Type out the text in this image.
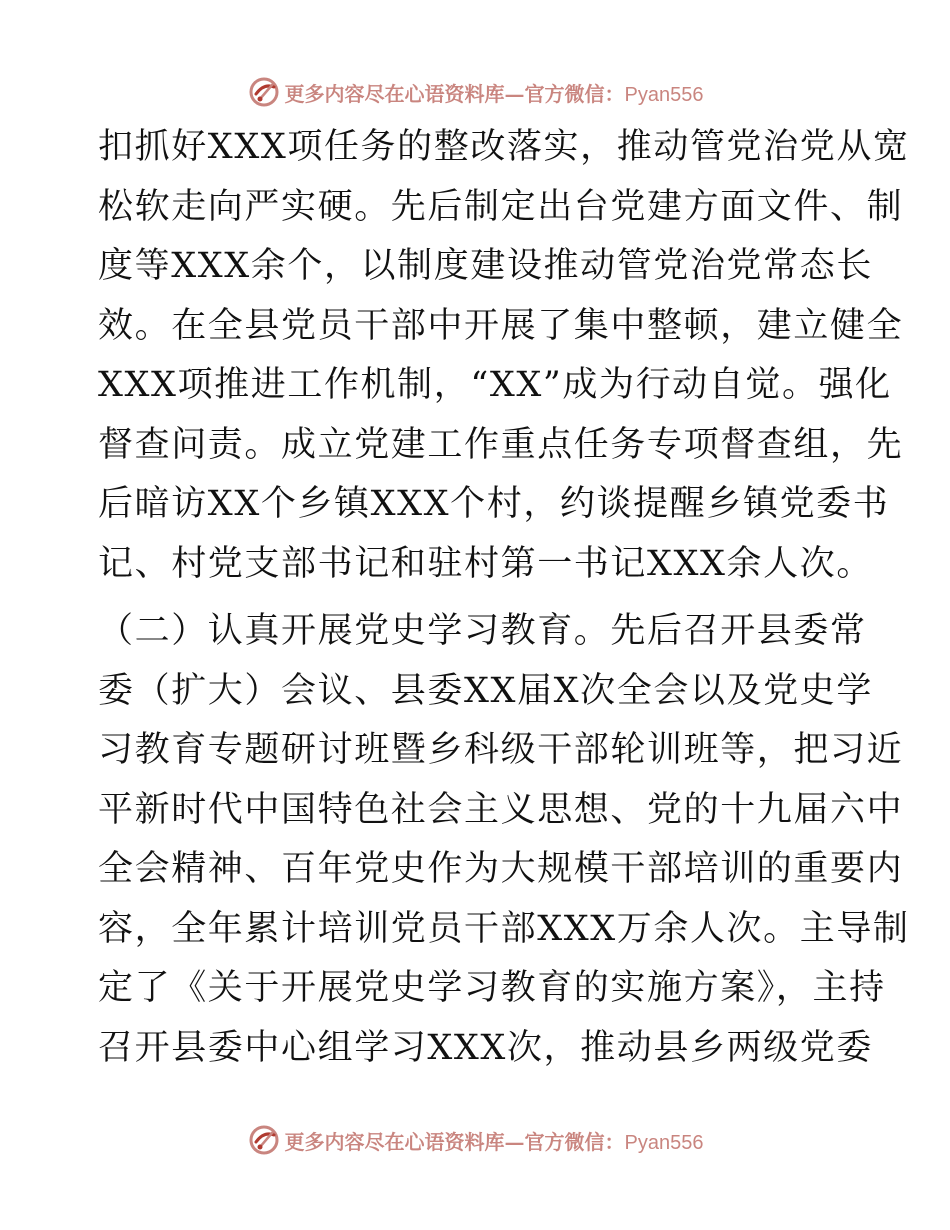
更多内容尽在心语资料库—官方微信：Pyan556
扣抓好XXX项任务的整改落实，推动管党治党从宽
松软走向严实硬。先后制定出台党建方面文件、制
度等XXX余个，以制度建设推动管党治党常态长
效。在全县党员干部中开展了集中整顿，建立健全
XXX项推进工作机制，“XX”成为行动自觉。强化
督查问责。成立党建工作重点任务专项督查组，先
后暗访XX个乡镇XXX个村，约谈提醒乡镇党委书
记、村党支部书记和驻村第一书记XXX余人次。
（二）认真开展党史学习教育。先后召开县委常
委（扩大）会议、县委XX届X次全会以及党史学
习教育专题研讨班暨乡科级干部轮训班等，把习近
平新时代中国特色社会主义思想、党的十九届六中
全会精神、百年党史作为大规模干部培训的重要内
容，全年累计培训党员干部XXX万余人次。主导制
定了《关于开展党史学习教育的实施方案》，主持
召开县委中心组学习XXX次，推动县乡两级党委
更多内容尽在心语资料库—官方微信：Pyan556
